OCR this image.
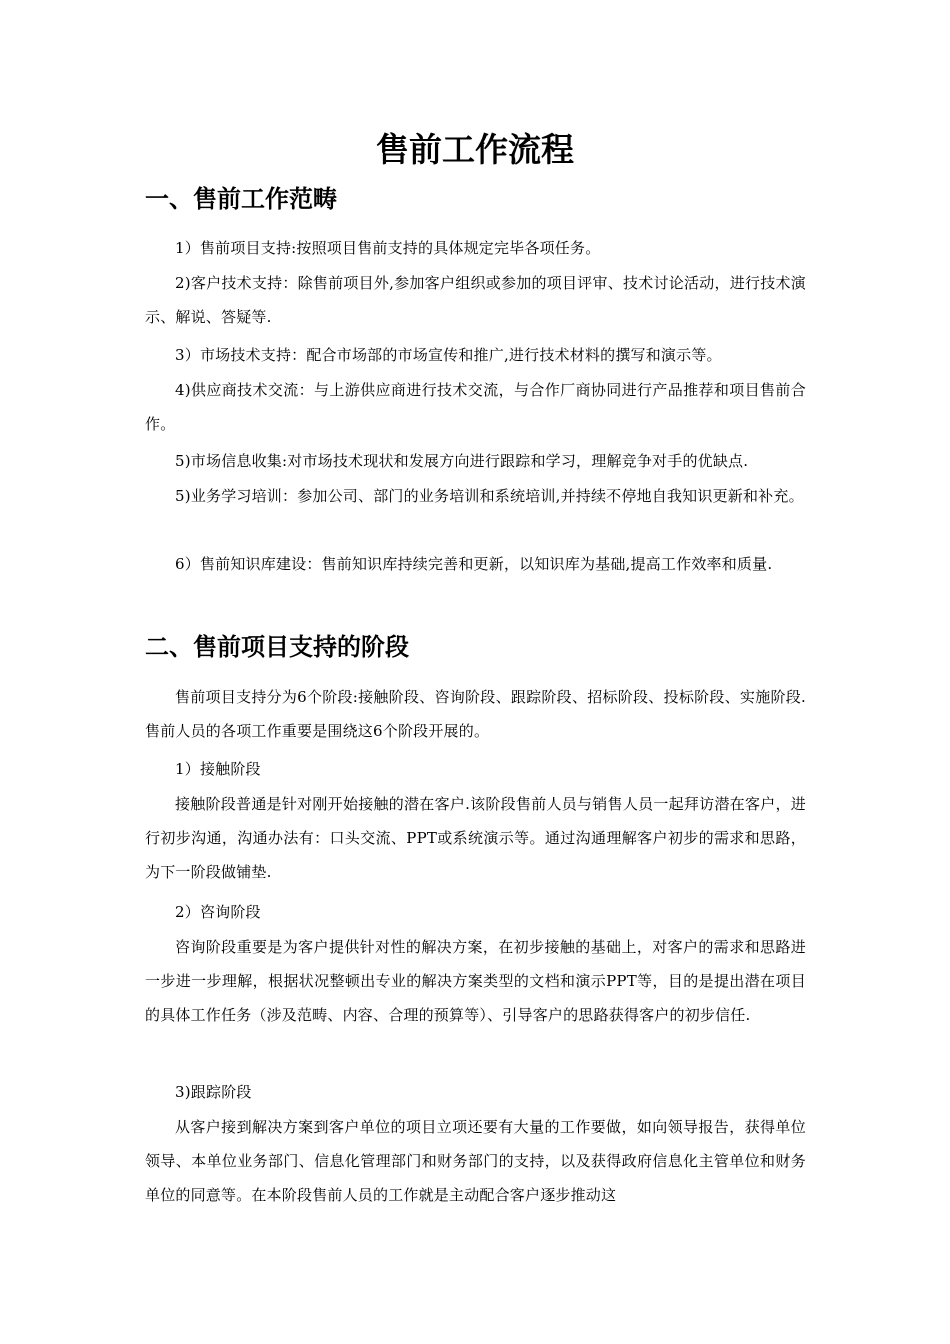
售前工作流程
一、售前工作范畴

1）售前项目支持:按照项目售前支持的具体规定完毕各项任务。

2)客户技术支持：除售前项目外,参加客户组织或参加的项目评审、技术讨论活动，进行技术演示、解说、答疑等.

3）市场技术支持：配合市场部的市场宣传和推广,进行技术材料的撰写和演示等。

4)供应商技术交流：与上游供应商进行技术交流，与合作厂商协同进行产品推荐和项目售前合作。

5)市场信息收集:对市场技术现状和发展方向进行跟踪和学习，理解竞争对手的优缺点.

5)业务学习培训：参加公司、部门的业务培训和系统培训,并持续不停地自我知识更新和补充。

6）售前知识库建设：售前知识库持续完善和更新，以知识库为基础,提高工作效率和质量.

二、售前项目支持的阶段

售前项目支持分为6个阶段:接触阶段、咨询阶段、跟踪阶段、招标阶段、投标阶段、实施阶段.售前人员的各项工作重要是围绕这6个阶段开展的。

1）接触阶段

接触阶段普通是针对刚开始接触的潜在客户.该阶段售前人员与销售人员一起拜访潜在客户，进行初步沟通，沟通办法有：口头交流、PPT或系统演示等。通过沟通理解客户初步的需求和思路，为下一阶段做铺垫.

2）咨询阶段

咨询阶段重要是为客户提供针对性的解决方案，在初步接触的基础上，对客户的需求和思路进一步进一步理解，根据状况整顿出专业的解决方案类型的文档和演示PPT等，目的是提出潜在项目的具体工作任务（涉及范畴、内容、合理的预算等）、引导客户的思路获得客户的初步信任.

3)跟踪阶段

从客户接到解决方案到客户单位的项目立项还要有大量的工作要做，如向领导报告，获得单位领导、本单位业务部门、信息化管理部门和财务部门的支持，以及获得政府信息化主管单位和财务单位的同意等。在本阶段售前人员的工作就是主动配合客户逐步推动这
